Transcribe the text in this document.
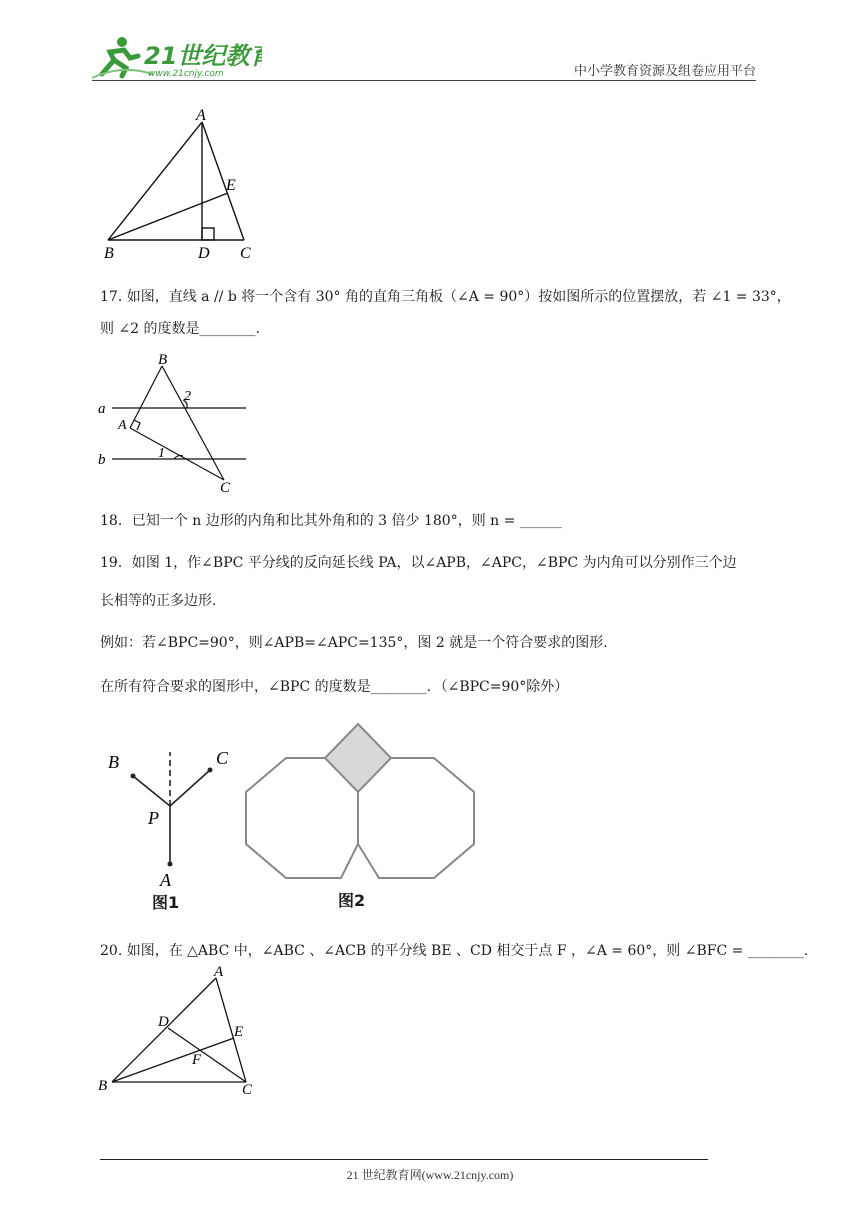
21世纪教育
www.21cnjy.com	中小学教育资源及组卷应用平台
A
E
B	D C
17. 如图，直线 a // b 将一个含有 30° 角的直角三角板（∠A = 90°）按如图所示的位置摆放，若 ∠1 = 33°，
则 ∠2 的度数是________.
B
2
a
A
b	1
C
18．已知一个 n 边形的内角和比其外角和的 3 倍少 180°，则 n = ______
19．如图 1，作∠BPC 平分线的反向延长线 PA，以∠APB，∠APC，∠BPC 为内角可以分别作三个边
长相等的正多边形.
例如：若∠BPC=90°，则∠APB=∠APC=135°，图 2 就是一个符合要求的图形.
在所有符合要求的图形中，∠BPC 的度数是________．（∠BPC=90°除外）
B	C
P
A
图1	图2
20. 如图，在 △ABC 中，∠ABC 、∠ACB 的平分线 BE 、CD 相交于点 F ，∠A = 60°，则 ∠BFC = ________.
A
D
E
F
B	C
21 世纪教育网(www.21cnjy.com)
